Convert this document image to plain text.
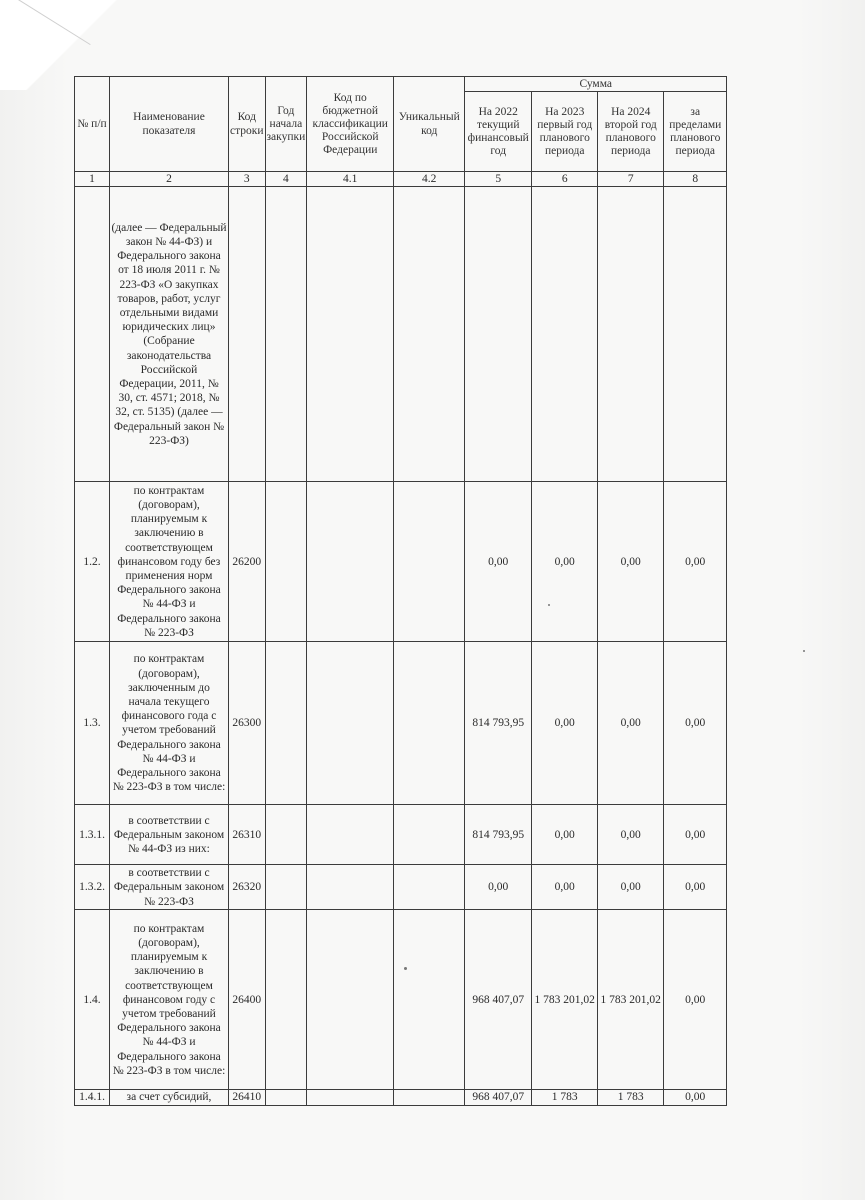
№ п/п	Наименование показателя	Код строки	Год начала закупки	Код по бюджетной классификации Российской Федерации	Уникальный код	Сумма			
						На 2022 текущий финансовый год	На 2023 первый год планового периода	На 2024 второй год планового периода	за пределами планового периода
1	2	3	4	4.1	4.2	5	6	7	8
	(далее — Федеральный закон № 44-ФЗ) и Федерального закона от 18 июля 2011 г. № 223-ФЗ «О закупках товаров, работ, услуг отдельными видами юридических лиц» (Собрание законодательства Российской Федерации, 2011, № 30, ст. 4571; 2018, № 32, ст. 5135) (далее — Федеральный закон № 223-ФЗ)								
1.2.	по контрактам (договорам), планируемым к заключению в соответствующем финансовом году без применения норм Федерального закона № 44-ФЗ и Федерального закона № 223-ФЗ	26200				0,00	0,00	0,00	0,00
1.3.	по контрактам (договорам), заключенным до начала текущего финансового года с учетом требований Федерального закона № 44-ФЗ и Федерального закона № 223-ФЗ в том числе:	26300				814 793,95	0,00	0,00	0,00
1.3.1.	в соответствии с Федеральным законом № 44-ФЗ из них:	26310				814 793,95	0,00	0,00	0,00
1.3.2.	в соответствии с Федеральным законом № 223-ФЗ	26320				0,00	0,00	0,00	0,00
1.4.	по контрактам (договорам), планируемым к заключению в соответствующем финансовом году с учетом требований Федерального закона № 44-ФЗ и Федерального закона № 223-ФЗ в том числе:	26400				968 407,07	1 783 201,02	1 783 201,02	0,00
1.4.1.	за счет субсидий,	26410				968 407,07	1 783	1 783	0,00
